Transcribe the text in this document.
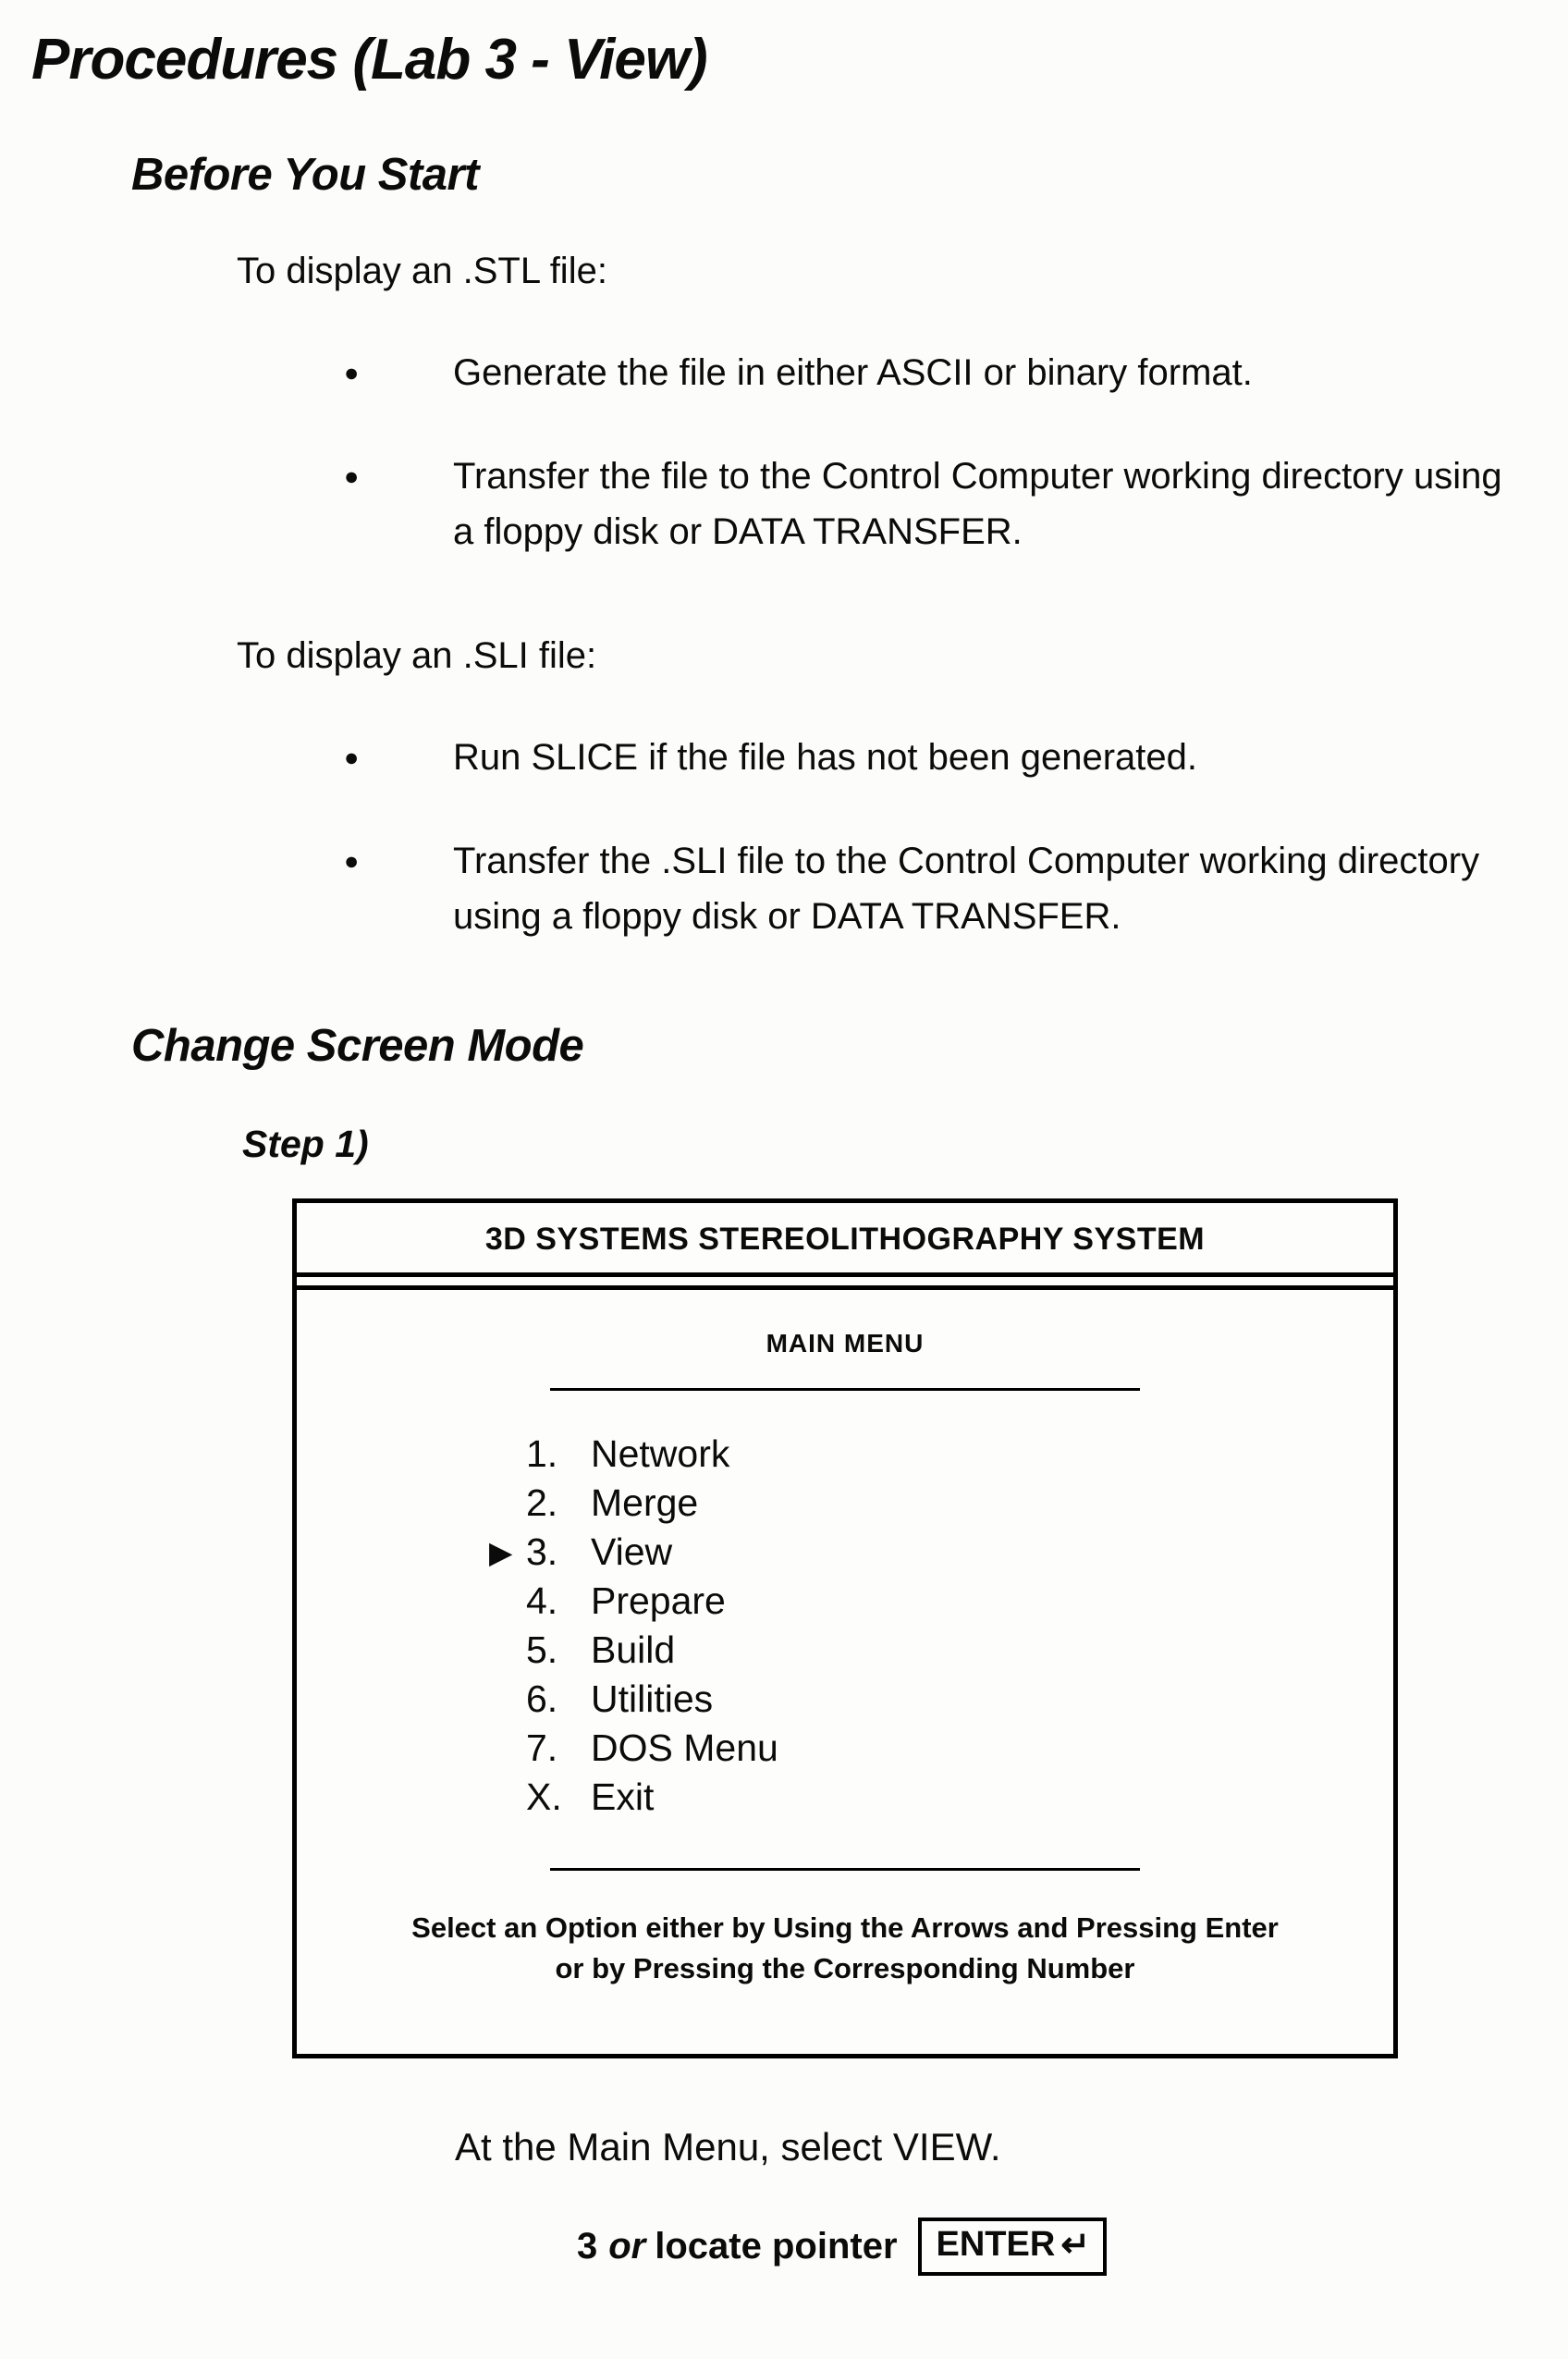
Procedures (Lab 3 - View)
Before You Start

To display an .STL file:

●	Generate the file in either ASCII or binary format.
●	Transfer the file to the Control Computer working directory using a floppy disk or DATA TRANSFER.

To display an .SLI file:

●	Run SLICE if the file has not been generated.
●	Transfer the .SLI file to the Control Computer working directory using a floppy disk or DATA TRANSFER.
Change Screen Mode

Step 1)

3D SYSTEMS STEREOLITHOGRAPHY SYSTEM
MAIN MENU
1. Network
2. Merge
▶ 3. View
4. Prepare
5. Build
6. Utilities
7. DOS Menu
X. Exit
Select an Option either by Using the Arrows and Pressing Enter
or by Pressing the Corresponding Number

At the Main Menu, select VIEW.

3 or locate pointer ENTER ↵
